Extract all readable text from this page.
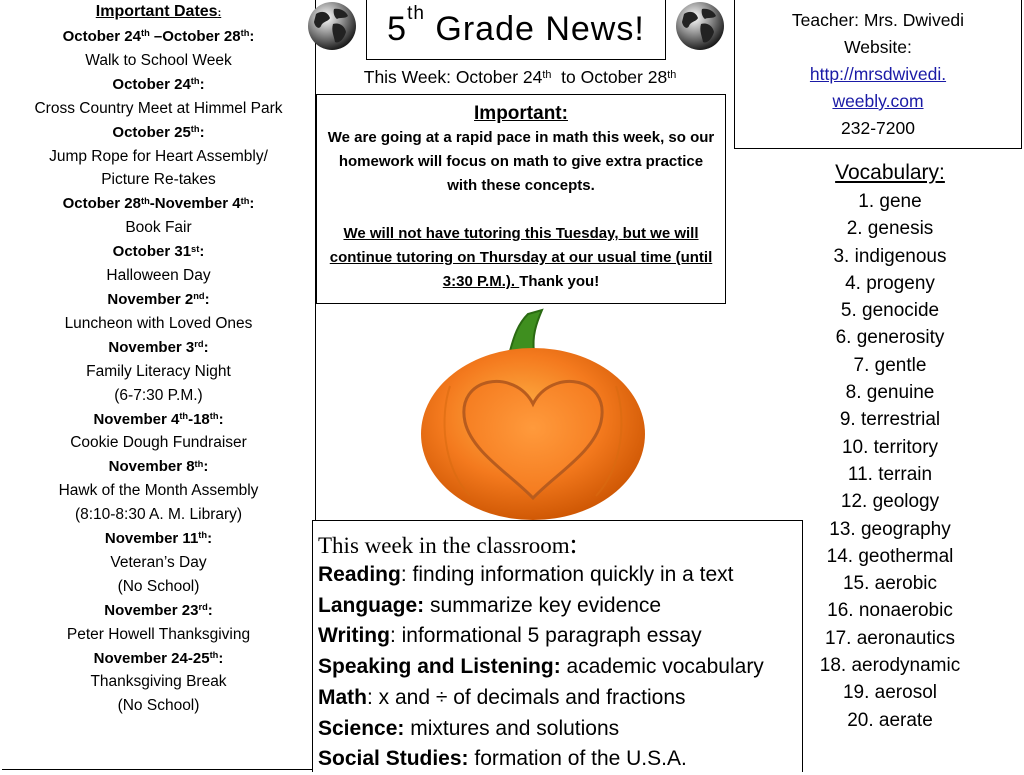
Important Dates:
October 24th –October 28th:
Walk to School Week
October 24th:
Cross Country Meet at Himmel Park
October 25th:
Jump Rope for Heart Assembly/
Picture Re-takes
October 28th-November 4th:
Book Fair
October 31st:
Halloween Day
November 2nd:
Luncheon with Loved Ones
November 3rd:
Family Literacy Night
(6-7:30 P.M.)
November 4th-18th:
Cookie Dough Fundraiser
November 8th:
Hawk of the Month Assembly
(8:10-8:30 A. M. Library)
November 11th:
Veteran’s Day
(No School)
November 23rd:
Peter Howell Thanksgiving
November 24-25th:
Thanksgiving Break
(No School)
5th Grade News!
This Week: October 24th  to October 28th
Teacher: Mrs. Dwivedi
Website:
http://mrsdwivedi.
weebly.com
232-7200
Important:
We are going at a rapid pace in math this week, so our homework will focus on math to give extra practice with these concepts.
We will not have tutoring this Tuesday, but we will continue tutoring on Thursday at our usual time (until 3:30 P.M.). Thank you!
Vocabulary:
1. gene
2. genesis
3. indigenous
4. progeny
5. genocide
6. generosity
7. gentle
8. genuine
9. terrestrial
10. territory
11. terrain
12. geology
13. geography
14. geothermal
15. aerobic
16. nonaerobic
17. aeronautics
18. aerodynamic
19. aerosol
20. aerate
This week in the classroom:
Reading: finding information quickly in a text
Language: summarize key evidence
Writing: informational 5 paragraph essay
Speaking and Listening: academic vocabulary
Math: x and ÷ of decimals and fractions
Science: mixtures and solutions
Social Studies: formation of the U.S.A.
